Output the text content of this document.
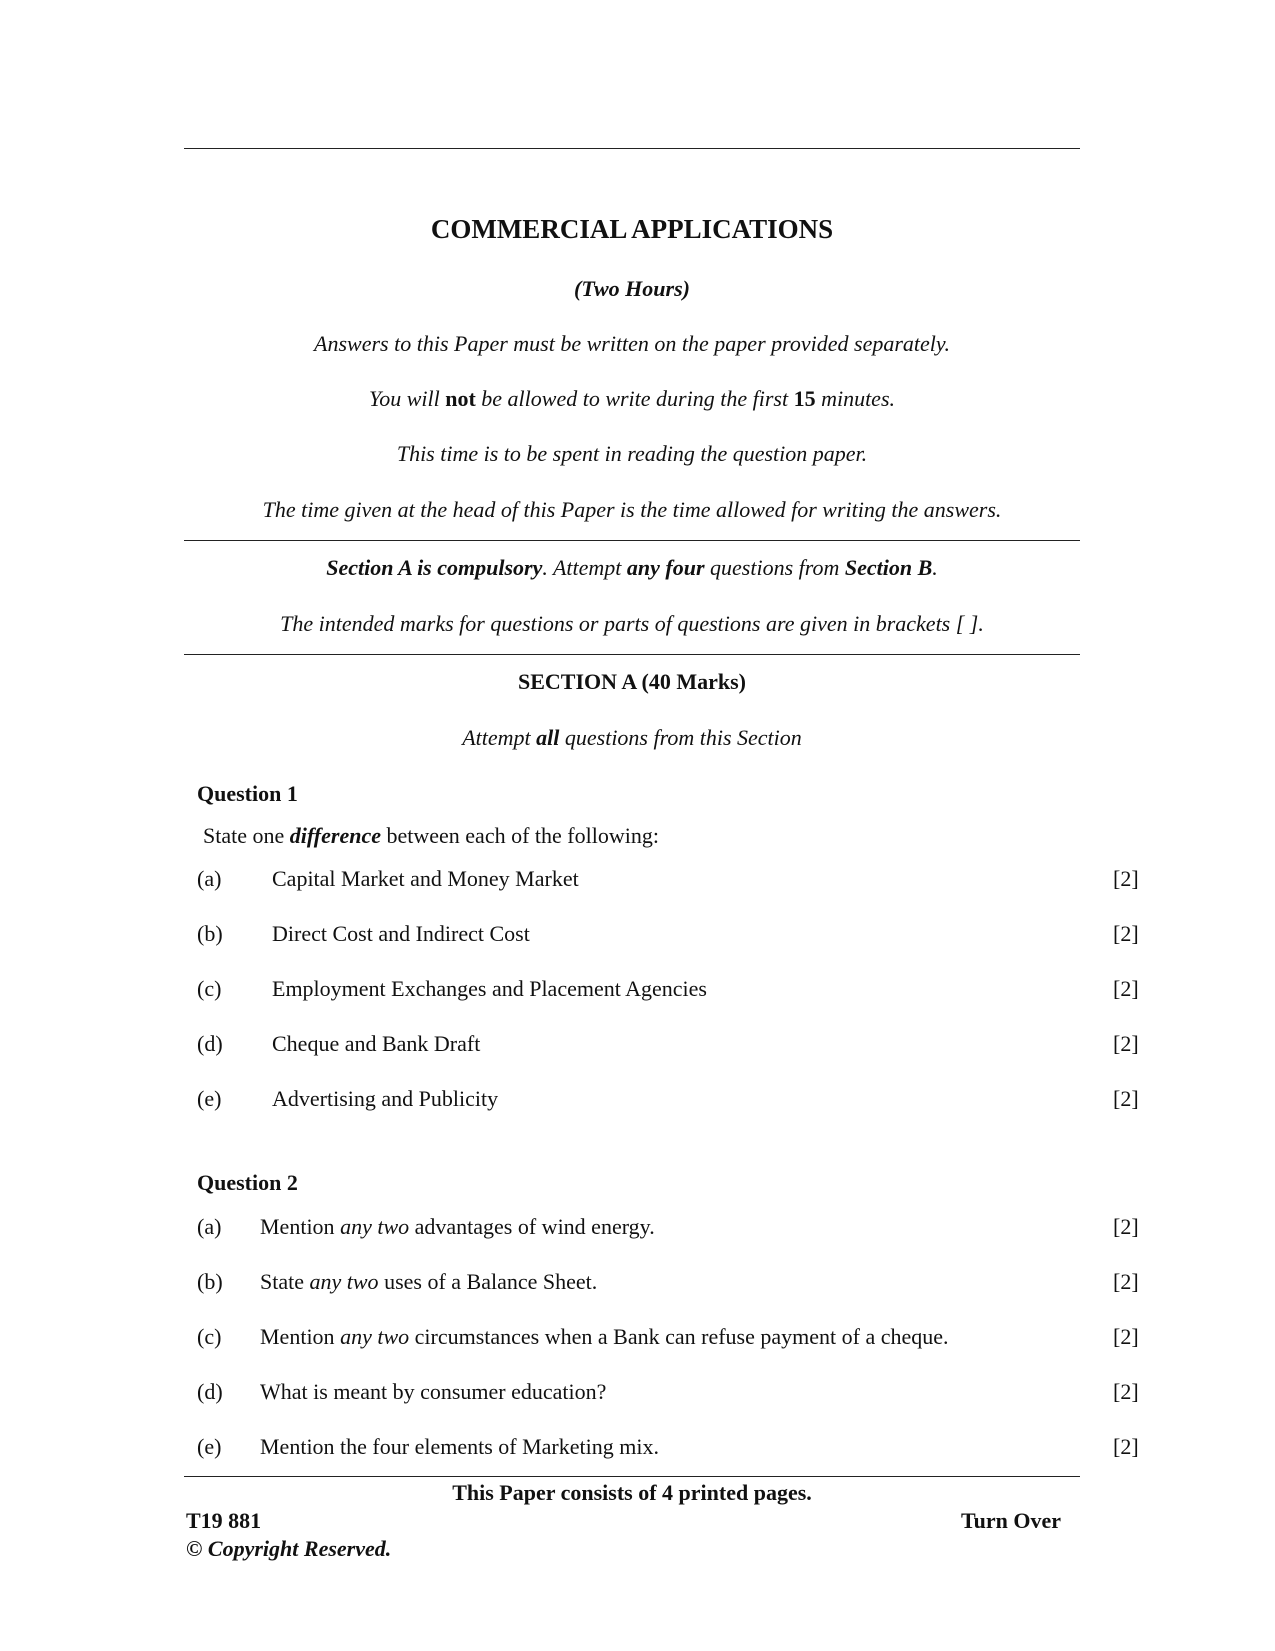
COMMERCIAL APPLICATIONS
(Two Hours)
Answers to this Paper must be written on the paper provided separately.
You will not be allowed to write during the first 15 minutes.
This time is to be spent in reading the question paper.
The time given at the head of this Paper is the time allowed for writing the answers.
Section A is compulsory. Attempt any four questions from Section B.
The intended marks for questions or parts of questions are given in brackets [ ].
SECTION A (40 Marks)
Attempt all questions from this Section
Question 1
State one difference between each of the following:
(a) Capital Market and Money Market	[2]
(b) Direct Cost and Indirect Cost	[2]
(c) Employment Exchanges and Placement Agencies	[2]
(d) Cheque and Bank Draft	[2]
(e) Advertising and Publicity	[2]
Question 2
(a) Mention any two advantages of wind energy.	[2]
(b) State any two uses of a Balance Sheet.	[2]
(c) Mention any two circumstances when a Bank can refuse payment of a cheque.	[2]
(d) What is meant by consumer education?	[2]
(e) Mention the four elements of Marketing mix.	[2]
This Paper consists of 4 printed pages.
T19 881	Turn Over
© Copyright Reserved.
